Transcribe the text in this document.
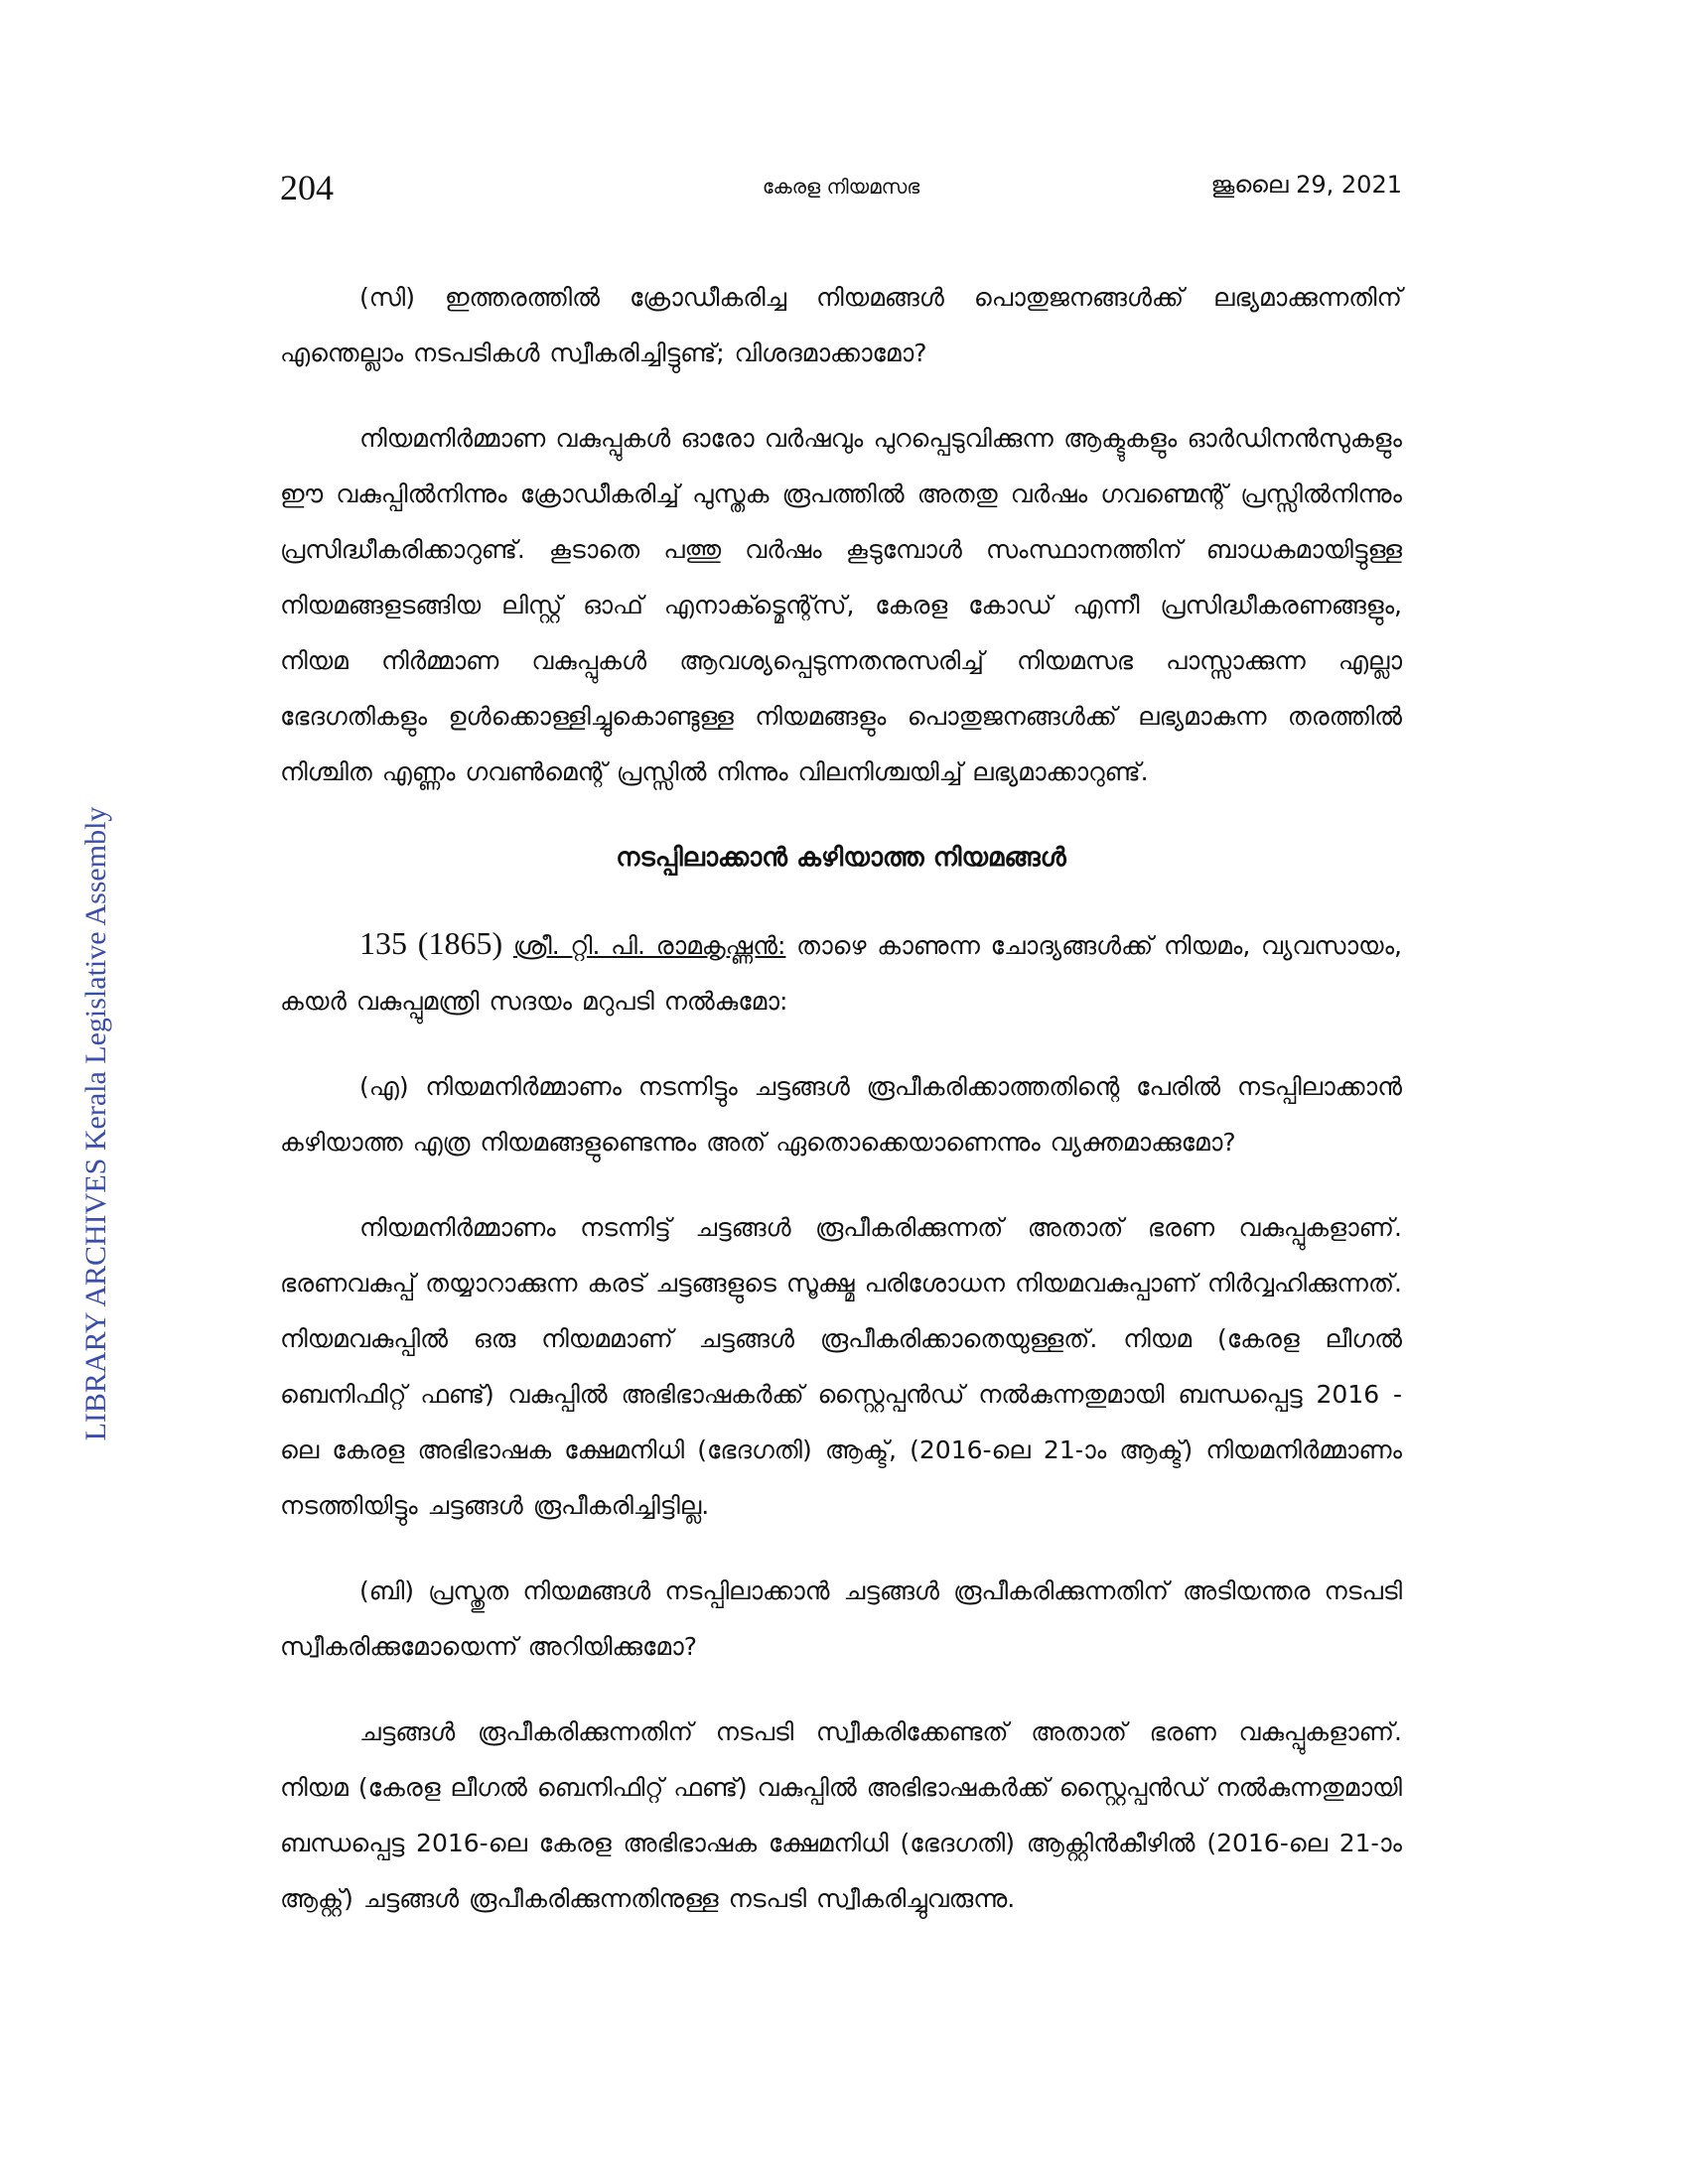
204	കേരള നിയമസഭ	ജൂലൈ 29, 2021
LIBRARY ARCHIVES Kerala Legislative Assembly

(സി) ഇത്തരത്തിൽ ക്രോഡീകരിച്ച നിയമങ്ങൾ പൊതുജനങ്ങൾക്ക് ലഭ്യമാക്കുന്നതിന് എന്തെല്ലാം നടപടികൾ സ്വീകരിച്ചിട്ടുണ്ട്; വിശദമാക്കാമോ?

നിയമനിർമ്മാണ വകുപ്പുകൾ ഓരോ വർഷവും പുറപ്പെടുവിക്കുന്ന ആക്ടുകളും ഓർഡിനൻസുകളും ഈ വകുപ്പിൽനിന്നും ക്രോഡീകരിച്ച് പുസ്തക രൂപത്തിൽ അതതു വർഷം ഗവണ്മെന്റ് പ്രസ്സിൽനിന്നും പ്രസിദ്ധീകരിക്കാറുണ്ട്. കൂടാതെ പത്തു വർഷം കൂടുമ്പോൾ സംസ്ഥാനത്തിന് ബാധകമായിട്ടുള്ള നിയമങ്ങളടങ്ങിയ ലിസ്റ്റ് ഓഫ് എനാക്ട്മെന്റ്സ്, കേരള കോഡ് എന്നീ പ്രസിദ്ധീകരണങ്ങളും, നിയമ നിർമ്മാണ വകുപ്പുകൾ ആവശ്യപ്പെടുന്നതനുസരിച്ച് നിയമസഭ പാസ്സാക്കുന്ന എല്ലാ ഭേദഗതികളും ഉൾക്കൊള്ളിച്ചുകൊണ്ടുള്ള നിയമങ്ങളും പൊതുജനങ്ങൾക്ക് ലഭ്യമാകുന്ന തരത്തിൽ നിശ്ചിത എണ്ണം ഗവൺമെന്റ് പ്രസ്സിൽ നിന്നും വിലനിശ്ചയിച്ച് ലഭ്യമാക്കാറുണ്ട്.

നടപ്പിലാക്കാൻ കഴിയാത്ത നിയമങ്ങൾ

135 (1865) ശ്രീ. റ്റി. പി. രാമകൃഷ്ണൻ: താഴെ കാണുന്ന ചോദ്യങ്ങൾക്ക് നിയമം, വ്യവസായം, കയർ വകുപ്പുമന്ത്രി സദയം മറുപടി നൽകുമോ:

(എ) നിയമനിർമ്മാണം നടന്നിട്ടും ചട്ടങ്ങൾ രൂപീകരിക്കാത്തതിന്റെ പേരിൽ നടപ്പിലാക്കാൻ കഴിയാത്ത എത്ര നിയമങ്ങളുണ്ടെന്നും അത് ഏതൊക്കെയാണെന്നും വ്യക്തമാക്കുമോ?

നിയമനിർമ്മാണം നടന്നിട്ട് ചട്ടങ്ങൾ രൂപീകരിക്കുന്നത് അതാത് ഭരണ വകുപ്പുകളാണ്. ഭരണവകുപ്പ് തയ്യാറാക്കുന്ന കരട് ചട്ടങ്ങളുടെ സൂക്ഷ്മ പരിശോധന നിയമവകുപ്പാണ് നിർവ്വഹിക്കുന്നത്. നിയമവകുപ്പിൽ ഒരു നിയമമാണ് ചട്ടങ്ങൾ രൂപീകരിക്കാതെയുള്ളത്. നിയമ (കേരള ലീഗൽ ബെനിഫിറ്റ് ഫണ്ട്) വകുപ്പിൽ അഭിഭാഷകർക്ക് സ്റ്റൈപ്പൻഡ് നൽകുന്നതുമായി ബന്ധപ്പെട്ട 2016 - ലെ കേരള അഭിഭാഷക ക്ഷേമനിധി (ഭേദഗതി) ആക്ട്, (2016-ലെ 21-ാം ആക്ട്) നിയമനിർമ്മാണം നടത്തിയിട്ടും ചട്ടങ്ങൾ രൂപീകരിച്ചിട്ടില്ല.

(ബി) പ്രസ്തുത നിയമങ്ങൾ നടപ്പിലാക്കാൻ ചട്ടങ്ങൾ രൂപീകരിക്കുന്നതിന് അടിയന്തര നടപടി സ്വീകരിക്കുമോയെന്ന് അറിയിക്കുമോ?

ചട്ടങ്ങൾ രൂപീകരിക്കുന്നതിന് നടപടി സ്വീകരിക്കേണ്ടത് അതാത് ഭരണ വകുപ്പുകളാണ്. നിയമ (കേരള ലീഗൽ ബെനിഫിറ്റ് ഫണ്ട്) വകുപ്പിൽ അഭിഭാഷകർക്ക് സ്റ്റൈപ്പൻഡ് നൽകുന്നതുമായി ബന്ധപ്പെട്ട 2016-ലെ കേരള അഭിഭാഷക ക്ഷേമനിധി (ഭേദഗതി) ആക്റ്റിൻകീഴിൽ (2016-ലെ 21-ാം ആക്റ്റ്) ചട്ടങ്ങൾ രൂപീകരിക്കുന്നതിനുള്ള നടപടി സ്വീകരിച്ചുവരുന്നു.
